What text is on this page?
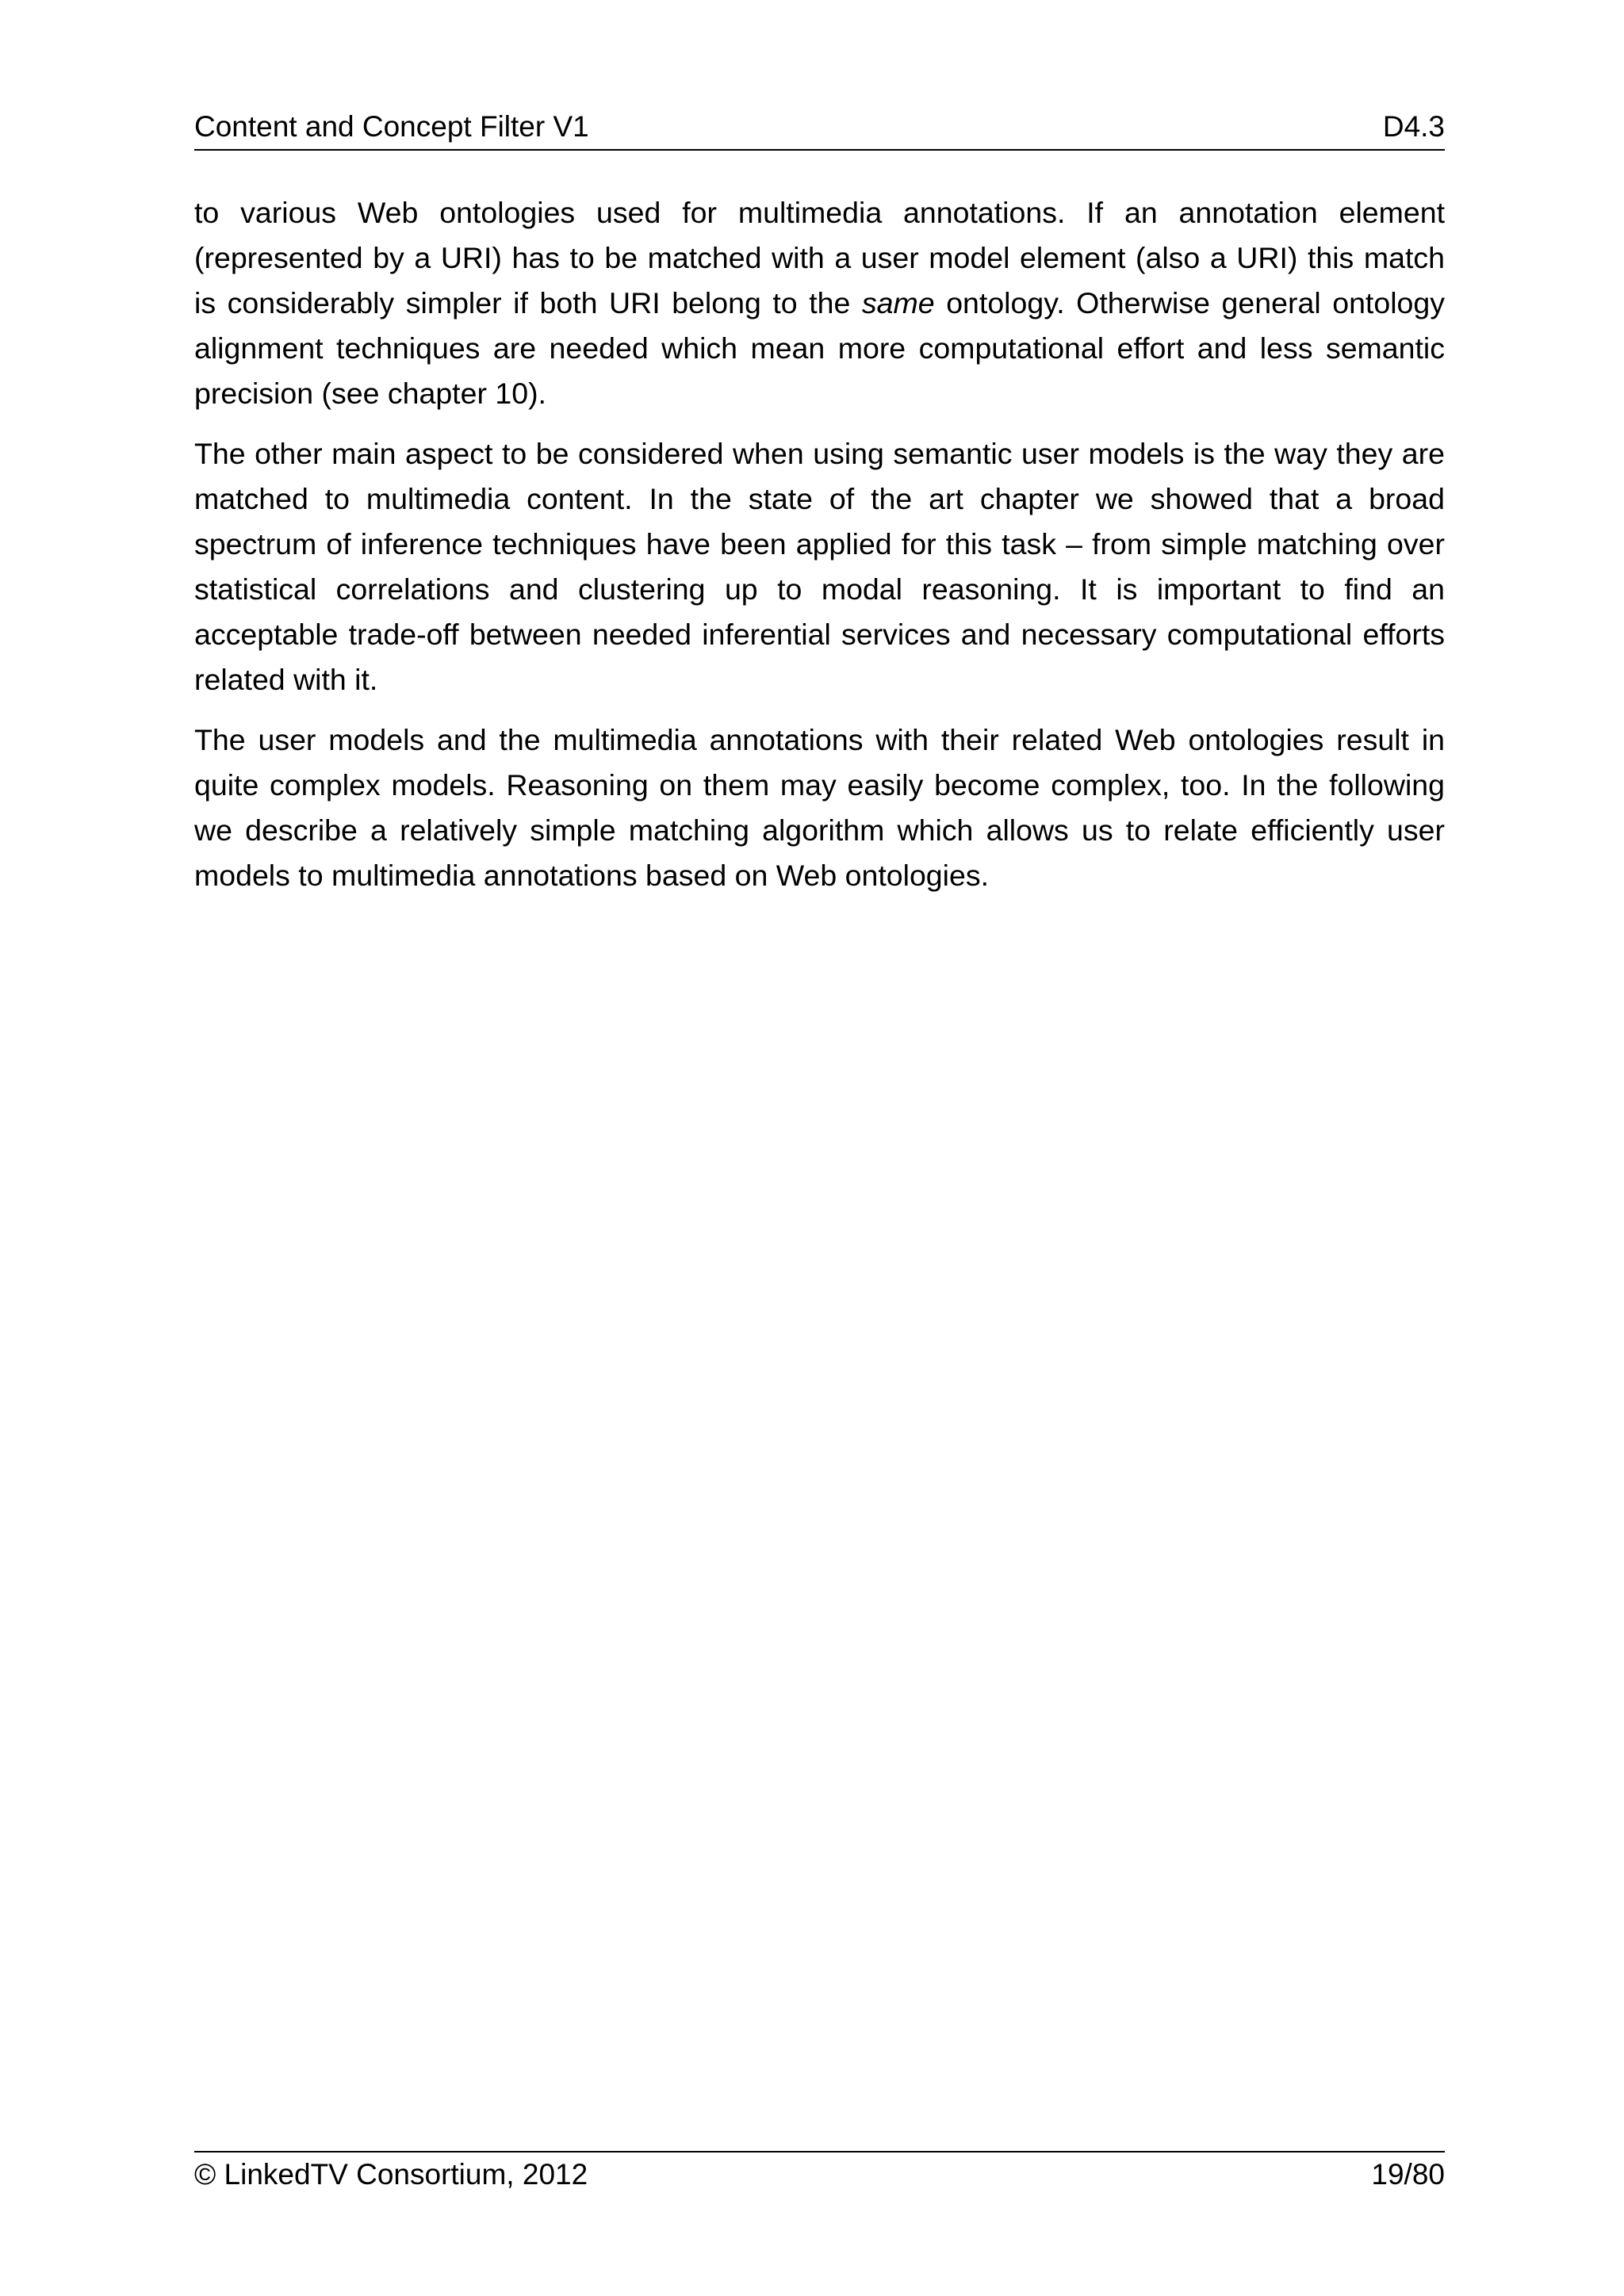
Content and Concept Filter V1	D4.3

to various Web ontologies used for multimedia annotations. If an annotation element (represented by a URI) has to be matched with a user model element (also a URI) this match is considerably simpler if both URI belong to the same ontology. Otherwise general ontology alignment techniques are needed which mean more computational effort and less semantic precision (see chapter 10).

The other main aspect to be considered when using semantic user models is the way they are matched to multimedia content. In the state of the art chapter we showed that a broad spectrum of inference techniques have been applied for this task – from simple matching over statistical correlations and clustering up to modal reasoning. It is important to find an acceptable trade-off between needed inferential services and necessary computational efforts related with it.

The user models and the multimedia annotations with their related Web ontologies result in quite complex models. Reasoning on them may easily become complex, too. In the following we describe a relatively simple matching algorithm which allows us to relate efficiently user models to multimedia annotations based on Web ontologies.

© LinkedTV Consortium, 2012	19/80
